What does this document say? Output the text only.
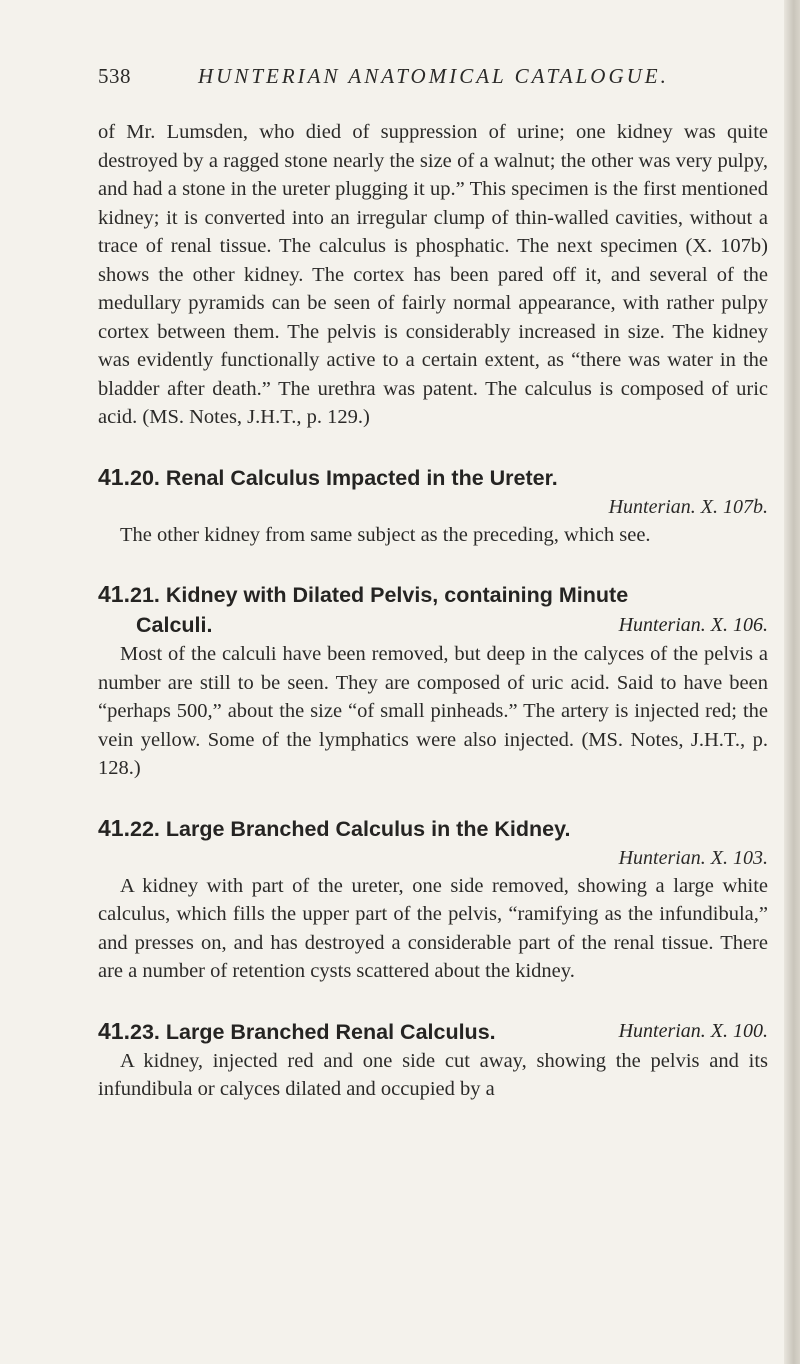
538	HUNTERIAN ANATOMICAL CATALOGUE.

of Mr. Lumsden, who died of suppression of urine; one kidney was quite destroyed by a ragged stone nearly the size of a walnut; the other was very pulpy, and had a stone in the ureter plugging it up.” This specimen is the first mentioned kidney; it is converted into an irregular clump of thin-walled cavities, without a trace of renal tissue. The calculus is phosphatic. The next specimen (X. 107b) shows the other kidney. The cortex has been pared off it, and several of the medullary pyramids can be seen of fairly normal appearance, with rather pulpy cortex between them. The pelvis is considerably increased in size. The kidney was evidently functionally active to a certain extent, as “there was water in the bladder after death.” The urethra was patent. The calculus is composed of uric acid. (MS. Notes, J.H.T., p. 129.)

41.20. Renal Calculus Impacted in the Ureter.
Hunterian. X. 107b.

The other kidney from same subject as the preceding, which see.

41.21. Kidney with Dilated Pelvis, containing Minute
Calculi.	Hunterian. X. 106.

Most of the calculi have been removed, but deep in the calyces of the pelvis a number are still to be seen. They are composed of uric acid. Said to have been “perhaps 500,” about the size “of small pinheads.” The artery is injected red; the vein yellow. Some of the lymphatics were also injected. (MS. Notes, J.H.T., p. 128.)

41.22. Large Branched Calculus in the Kidney.
Hunterian. X. 103.

A kidney with part of the ureter, one side removed, showing a large white calculus, which fills the upper part of the pelvis, “ramifying as the infundibula,” and presses on, and has destroyed a considerable part of the renal tissue. There are a number of retention cysts scattered about the kidney.

41.23. Large Branched Renal Calculus.	Hunterian. X. 100.

A kidney, injected red and one side cut away, showing the pelvis and its infundibula or calyces dilated and occupied by a
